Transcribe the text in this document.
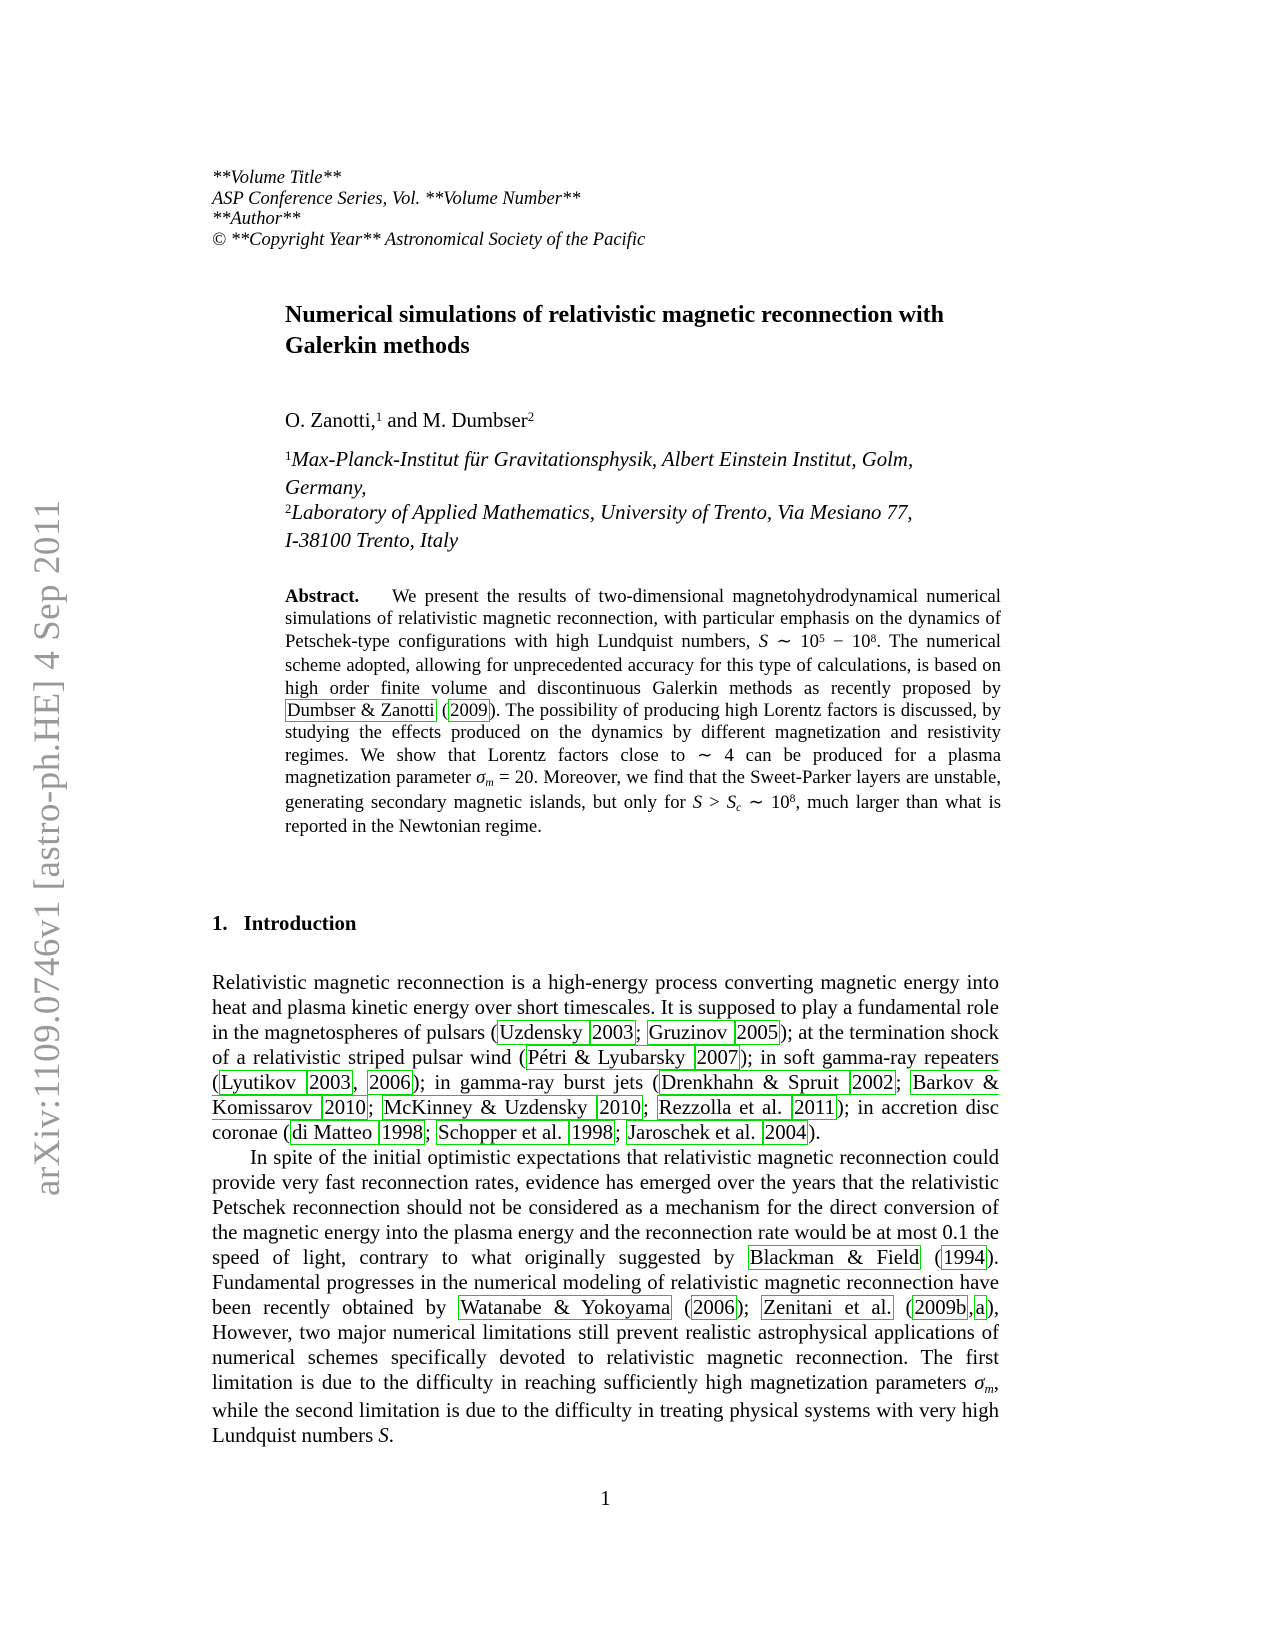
arXiv:1109.0746v1 [astro-ph.HE] 4 Sep 2011
**Volume Title**
ASP Conference Series, Vol. **Volume Number**
**Author**
© **Copyright Year** Astronomical Society of the Pacific
Numerical simulations of relativistic magnetic reconnection with
Galerkin methods
O. Zanotti,$^1$ and M. Dumbser$^2$
$^1$Max-Planck-Institut für Gravitationsphysik, Albert Einstein Institut, Golm,
Germany,
$^2$Laboratory of Applied Mathematics, University of Trento, Via Mesiano 77,
I-38100 Trento, Italy
Abstract. We present the results of two-dimensional magnetohydrodynamical numerical simulations of relativistic magnetic reconnection, with particular emphasis on the dynamics of Petschek-type configurations with high Lundquist numbers, S ∼ $10^5 - 10^8$. The numerical scheme adopted, allowing for unprecedented accuracy for this type of calculations, is based on high order finite volume and discontinuous Galerkin methods as recently proposed by Dumbser & Zanotti ( 2009 ). The possibility of producing high Lorentz factors is discussed, by studying the effects produced on the dynamics by different magnetization and resistivity regimes. We show that Lorentz factors close to ∼ 4 can be produced for a plasma magnetization parameter σm = 20. Moreover, we find that the Sweet-Parker layers are unstable, generating secondary magnetic islands, but only for S > Sc ∼ $10^8$, much larger than what is reported in the Newtonian regime.
1. Introduction

Relativistic magnetic reconnection is a high-energy process converting magnetic energy into heat and plasma kinetic energy over short timescales. It is supposed to play a fundamental role in the magnetospheres of pulsars (Uzdensky 2003; Gruzinov 2005); at the termination shock of a relativistic striped pulsar wind (Pétri & Lyubarsky 2007); in soft gamma-ray repeaters (Lyutikov 2003, 2006); in gamma-ray burst jets (Drenkhahn & Spruit 2002; Barkov & Komissarov 2010; McKinney & Uzdensky 2010; Rezzolla et al. 2011); in accretion disc coronae (di Matteo 1998; Schopper et al. 1998; Jaroschek et al. 2004).

In spite of the initial optimistic expectations that relativistic magnetic reconnection could provide very fast reconnection rates, evidence has emerged over the years that the relativistic Petschek reconnection should not be considered as a mechanism for the direct conversion of the magnetic energy into the plasma energy and the reconnection rate would be at most 0.1 the speed of light, contrary to what originally suggested by Blackman & Field (1994). Fundamental progresses in the numerical modeling of relativistic magnetic reconnection have been recently obtained by Watanabe & Yokoyama (2006); Zenitani et al. (2009b,a), However, two major numerical limitations still prevent realistic astrophysical applications of numerical schemes specifically devoted to relativistic magnetic reconnection. The first limitation is due to the difficulty in reaching sufficiently high magnetization parameters σm, while the second limitation is due to the difficulty in treating physical systems with very high Lundquist numbers S.

1
